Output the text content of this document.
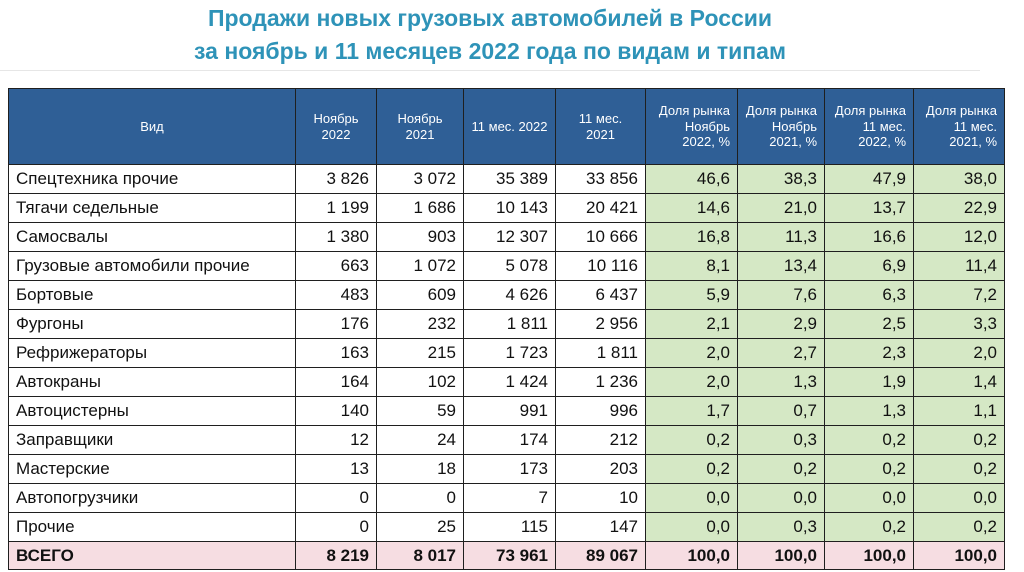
Продажи новых грузовых автомобилей в России
за ноябрь и 11 месяцев 2022 года по видам и типам
Вид	Ноябрь 2022	Ноябрь 2021	11 мес. 2022	11 мес. 2021	Доля рынка Ноябрь 2022, %	Доля рынка Ноябрь 2021, %	Доля рынка 11 мес. 2022, %	Доля рынка 11 мес. 2021, %
Спецтехника прочие	3 826	3 072	35 389	33 856	46,6	38,3	47,9	38,0
Тягачи седельные	1 199	1 686	10 143	20 421	14,6	21,0	13,7	22,9
Самосвалы	1 380	903	12 307	10 666	16,8	11,3	16,6	12,0
Грузовые автомобили прочие	663	1 072	5 078	10 116	8,1	13,4	6,9	11,4
Бортовые	483	609	4 626	6 437	5,9	7,6	6,3	7,2
Фургоны	176	232	1 811	2 956	2,1	2,9	2,5	3,3
Рефрижераторы	163	215	1 723	1 811	2,0	2,7	2,3	2,0
Автокраны	164	102	1 424	1 236	2,0	1,3	1,9	1,4
Автоцистерны	140	59	991	996	1,7	0,7	1,3	1,1
Заправщики	12	24	174	212	0,2	0,3	0,2	0,2
Мастерские	13	18	173	203	0,2	0,2	0,2	0,2
Автопогрузчики	0	0	7	10	0,0	0,0	0,0	0,0
Прочие	0	25	115	147	0,0	0,3	0,2	0,2
ВСЕГО	8 219	8 017	73 961	89 067	100,0	100,0	100,0	100,0
